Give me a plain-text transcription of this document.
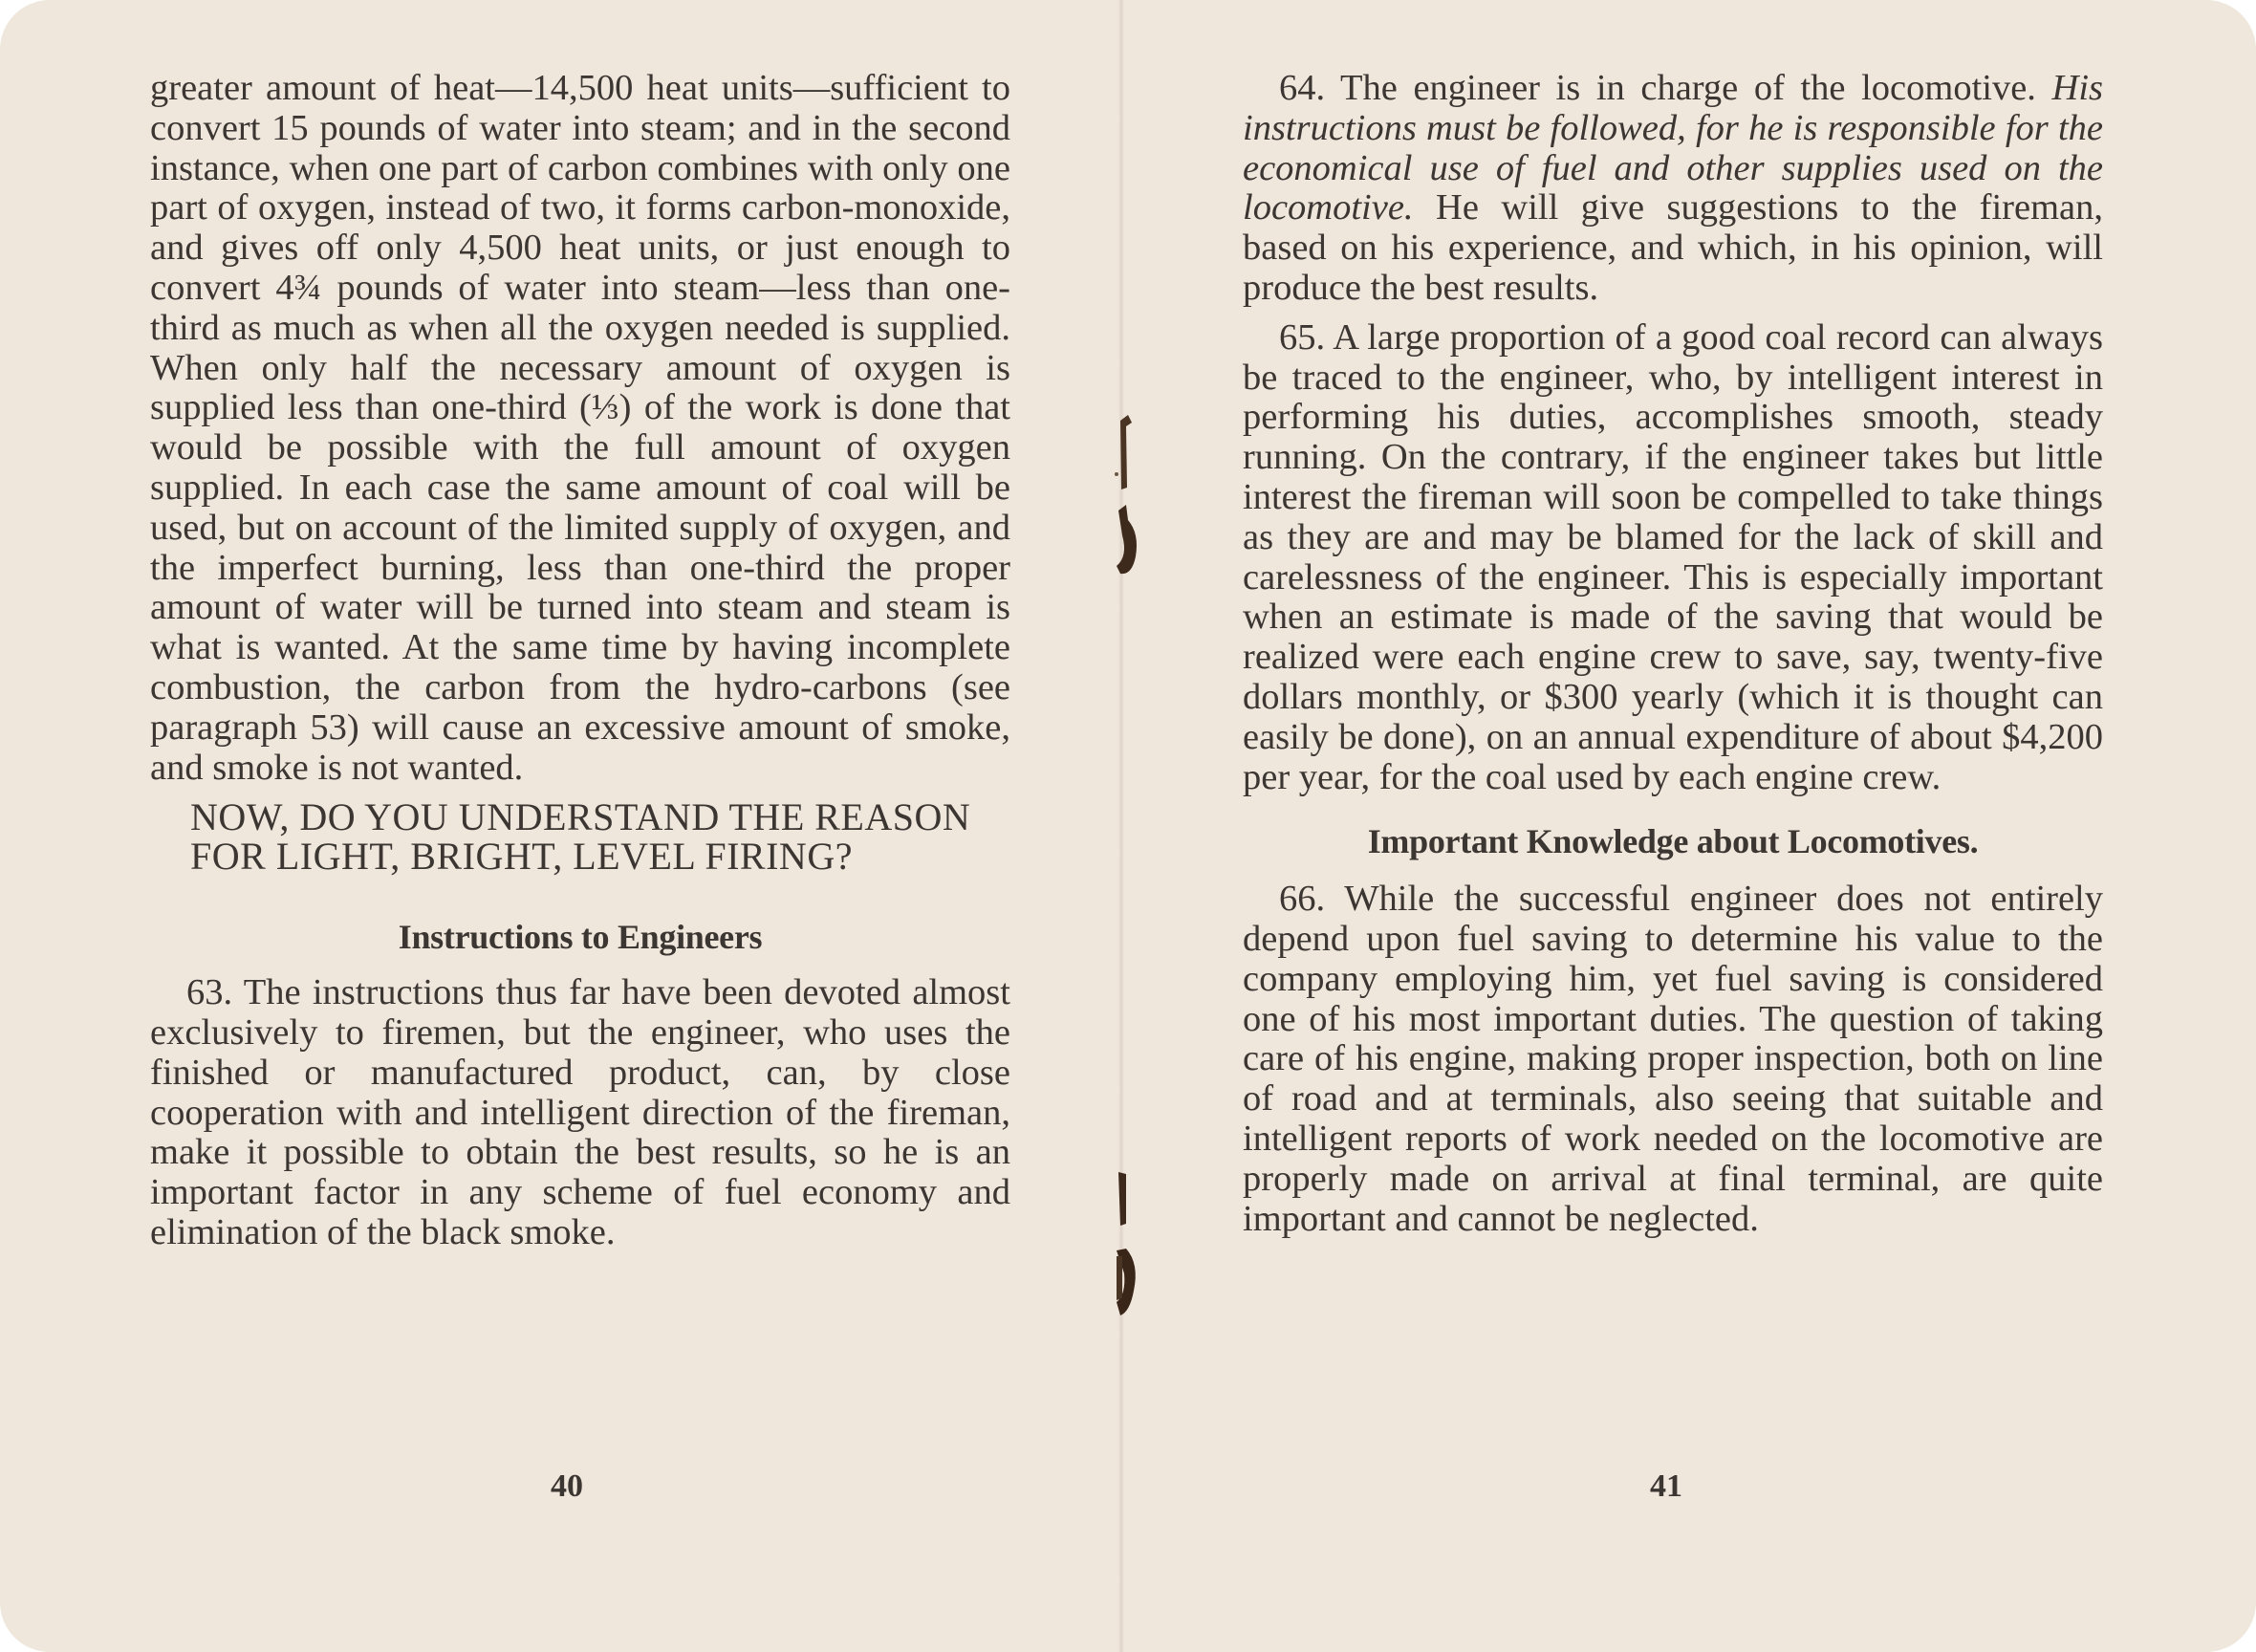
greater amount of heat—14,500 heat units—sufficient to convert 15 pounds of water into steam; and in the second instance, when one part of carbon combines with only one part of oxygen, instead of two, it forms carbon-monoxide, and gives off only 4,500 heat units, or just enough to convert 4¾ pounds of water into steam—less than one-third as much as when all the oxygen needed is supplied. When only half the necessary amount of oxygen is supplied less than one-third (⅓) of the work is done that would be possible with the full amount of oxygen supplied. In each case the same amount of coal will be used, but on account of the limited supply of oxygen, and the imperfect burning, less than one-third the proper amount of water will be turned into steam and steam is what is wanted. At the same time by having incomplete combustion, the carbon from the hydro-carbons (see paragraph 53) will cause an excessive amount of smoke, and smoke is not wanted.

NOW, DO YOU UNDERSTAND THE REASON FOR LIGHT, BRIGHT, LEVEL FIRING?

Instructions to Engineers

63. The instructions thus far have been devoted almost exclusively to firemen, but the engineer, who uses the finished or manufactured product, can, by close cooperation with and intelligent direction of the fireman, make it possible to obtain the best results, so he is an important factor in any scheme of fuel economy and elimination of the black smoke.

40

64. The engineer is in charge of the locomotive. His instructions must be followed, for he is responsible for the economical use of fuel and other supplies used on the locomotive. He will give suggestions to the fireman, based on his experience, and which, in his opinion, will produce the best results.

65. A large proportion of a good coal record can always be traced to the engineer, who, by intelligent interest in performing his duties, accomplishes smooth, steady running. On the contrary, if the engineer takes but little interest the fireman will soon be compelled to take things as they are and may be blamed for the lack of skill and carelessness of the engineer. This is especially important when an estimate is made of the saving that would be realized were each engine crew to save, say, twenty-five dollars monthly, or $300 yearly (which it is thought can easily be done), on an annual expenditure of about $4,200 per year, for the coal used by each engine crew.

Important Knowledge about Locomotives.

66. While the successful engineer does not entirely depend upon fuel saving to determine his value to the company employing him, yet fuel saving is considered one of his most important duties. The question of taking care of his engine, making proper inspection, both on line of road and at terminals, also seeing that suitable and intelligent reports of work needed on the locomotive are properly made on arrival at final terminal, are quite important and cannot be neglected.

41
